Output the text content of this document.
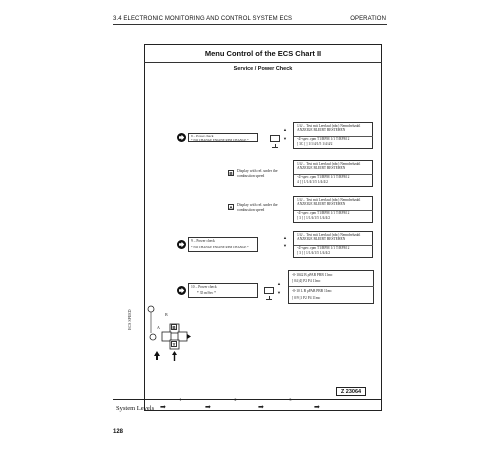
3.4 ELECTRONIC MONITORING AND CONTROL SYSTEM ECS	OPERATION
Menu Control of the ECS Chart II
Service / Power Check
9 – Power check
* NO CHANGE ENGINE RPM CHANGE *
▲
▼
1/4/... Test mit Leerlauf (nbc) Nenndrehzahl
ANZEIGE BLEIBT BESTEHEN
-4/-spec. rpm T1/RPM 1/1 T/RPM 2
[ 3C [ ] 1/1/4/1/5 1/4/4/2
B	Display with rel. under the
combustion speed
1/4/... Test mit Leerlauf (nbc) Nenndrehzahl
ANZEIGE BLEIBT BESTEHEN
-4/-spec. rpm T1/RPM 1/1 T/RPM 2
4 [ ] 1/1/4/1/5 1/4/4/2
A	Display with rel. under the
combustion speed
1/4/... Test mit Leerlauf (nbc) Nenndrehzahl
ANZEIGE BLEIBT BESTEHEN
-4/-spec. rpm T1/RPM 1/1 T/RPM 2
[ 3 [ ] 1/1/4/1/5 1/4/4/2
9 – Power check
* NO CHANGE ENGINE RPM CHANGE *
▲
▼
1/4/... Test mit Leerlauf (nbc) Nenndrehzahl
ANZEIGE BLEIBT BESTEHEN
-4/-spec. rpm T1/RPM 1/1 T/RPM 2
[ 3 [ ] 1/1/4/1/5 1/4/4/2
10 – Power check
* 35 m/Sec *
▲
▼
-0-1042 B ρPAB PBB 11mc
[ 04 |4] P2 P4 11mc
-0-10 L B ρPAB PBB 11mc
[ 0/9 |1 P2 P4 11mc
B
A	B
Y
ECS SPEED
Z 23064
-1-	-2-	-3-
System Levels ➡	➡	➡	➡
128
